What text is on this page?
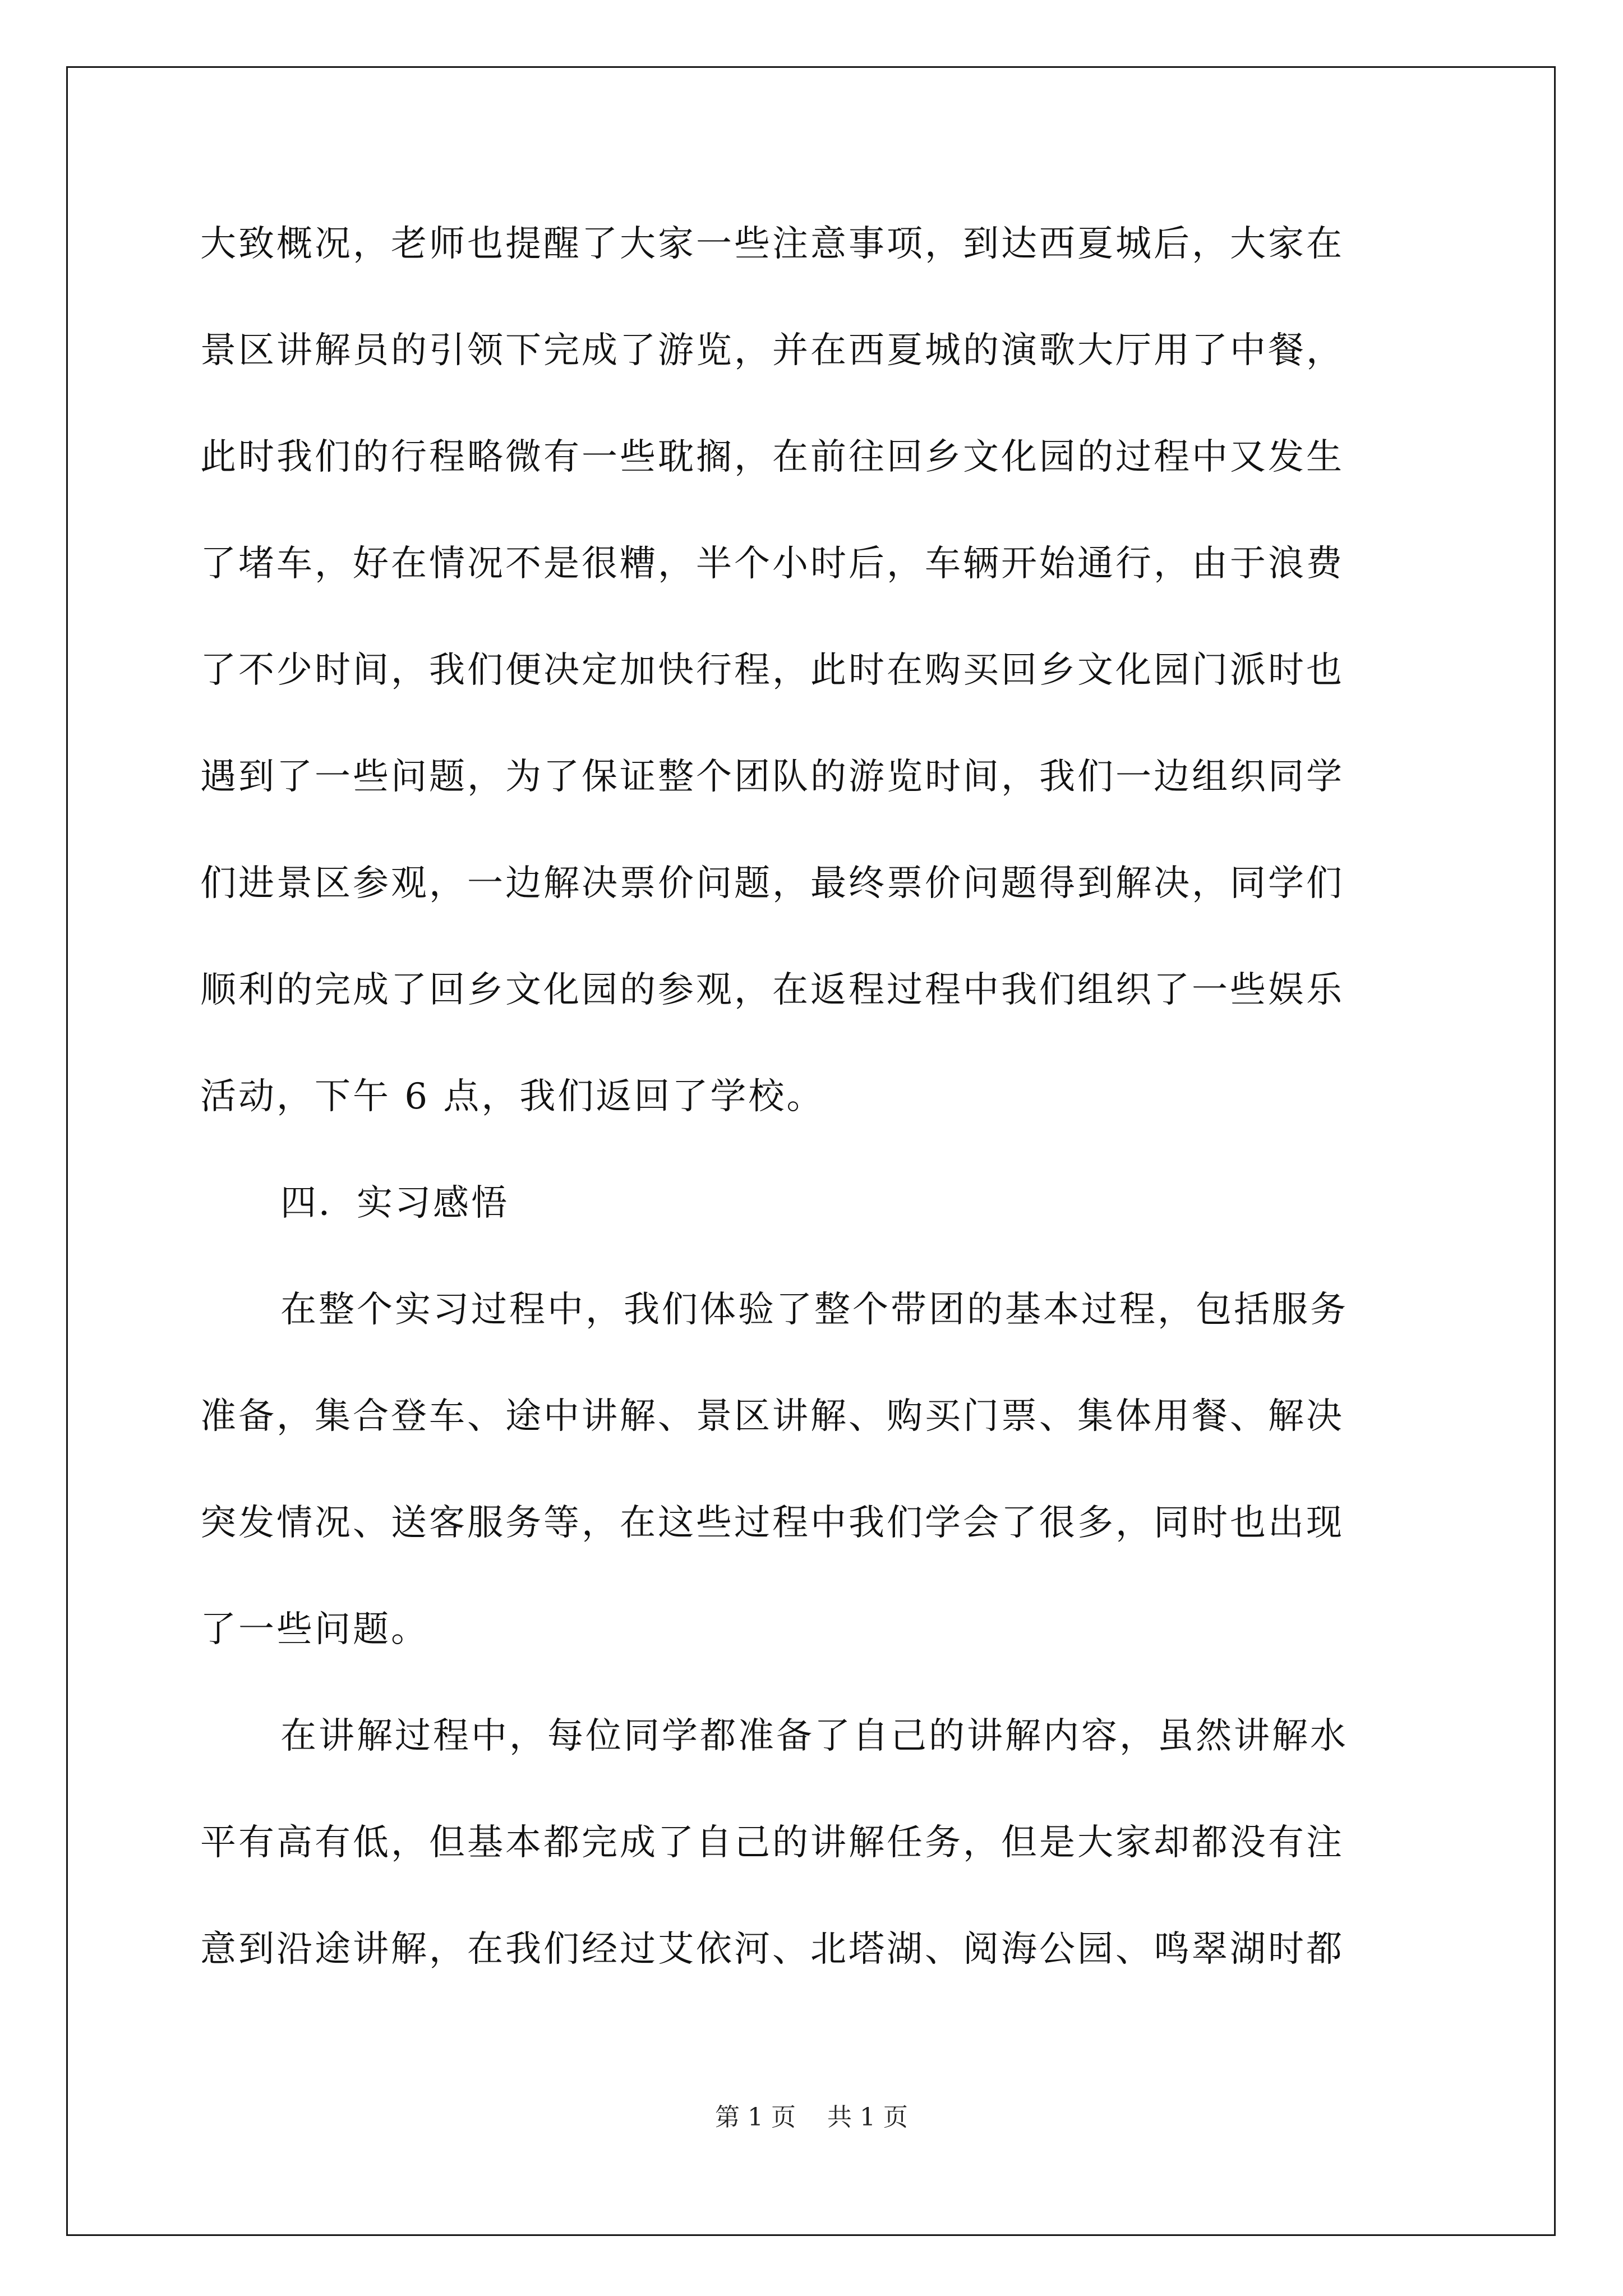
大致概况，老师也提醒了大家一些注意事项，到达西夏城后，大家在
景区讲解员的引领下完成了游览，并在西夏城的演歌大厅用了中餐，
此时我们的行程略微有一些耽搁，在前往回乡文化园的过程中又发生
了堵车，好在情况不是很糟，半个小时后，车辆开始通行，由于浪费
了不少时间，我们便决定加快行程，此时在购买回乡文化园门派时也
遇到了一些问题，为了保证整个团队的游览时间，我们一边组织同学
们进景区参观，一边解决票价问题，最终票价问题得到解决，同学们
顺利的完成了回乡文化园的参观，在返程过程中我们组织了一些娱乐
活动，下午 6 点，我们返回了学校。
四．实习感悟
在整个实习过程中，我们体验了整个带团的基本过程，包括服务
准备，集合登车、途中讲解、景区讲解、购买门票、集体用餐、解决
突发情况、送客服务等，在这些过程中我们学会了很多，同时也出现
了一些问题。
在讲解过程中，每位同学都准备了自己的讲解内容，虽然讲解水
平有高有低，但基本都完成了自己的讲解任务，但是大家却都没有注
意到沿途讲解，在我们经过艾依河、北塔湖、阅海公园、鸣翠湖时都
第 1 页    共 1 页
